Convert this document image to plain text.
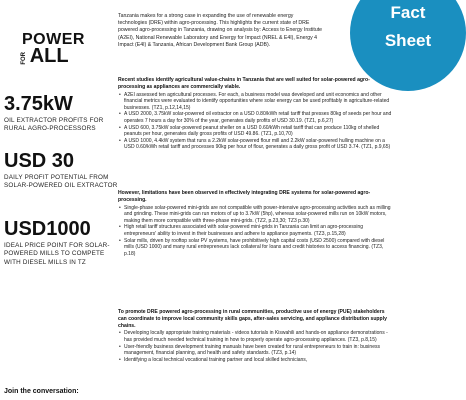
POWER
FOR ALL
3.75kW
OIL EXTRACTOR PROFITS FOR RURAL AGRO-PROCESSORS
USD 30
DAILY PROFIT POTENTIAL FROM SOLAR-POWERED OIL EXTRACTOR
USD1000
IDEAL PRICE POINT FOR SOLAR-POWERED MILLS TO COMPETE WITH DIESEL MILLS IN TZ
Join the conversation:
Tanzania makes for a strong case in expanding the use of renewable energy technologies (DRE) within agro-processing. This highlights the current state of DRE powered agro-processing in Tanzania, drawing on analysis by: Access to Energy Institute (A2EI), National Renewable Laboratory and Energy for Impact (NREL & E4I), Energy 4 Impact (E4I) & Tanzania, African Development Bank Group (ADB).
Fact
Sheet
Recent studies identify agricultural value-chains in Tanzania that are well suited for solar-powered agro-processing as appliances are commercially viable.
• A2EI assessed ten agricultural processes. For each, a business model was developed and unit economics and other financial metrics were evaluated to identify opportunities where solar energy can be used profitably in agriculture-related businesses. (TZ1, p.12,14,15)
• A USD 2000, 3.75kW solar-powered oil extractor on a USD 0.80/kWh retail tariff that presses 80kg of seeds per hour and operates 7 hours a day for 30% of the year, generates daily profits of USD 30.19. (TZ1, p.6,27)
• A USD 600, 3.75kW solar-powered peanut sheller on a USD 0.60/kWh retail tariff that can produce 110kg of shelled peanuts per hour, generates daily gross profits of USD 49.86. (TZ1, p.10,70)
• A USD 1000, 4.4kW system that runs a 2.2kW solar-powered flour mill and 2.2kW solar-powered hulling machine on a USD 0.60/kWh retail tariff and processes 90kg per hour of flour, generates a daily gross profit of USD 3.74. (TZ1, p.9,65)
However, limitations have been observed in effectively integrating DRE systems for solar-powered agro-processing.
• Single-phase solar-powered mini-grids are not compatible with power-intensive agro-processing activities such as milling and grinding. These mini-grids can run motors of up to 3.7kW (5hp), whereas solar-powered mills run on 10kW motors, making them more compatible with three-phase mini-grids. (TZ2, p.23,30; TZ3 p.30)
• High retail tariff structures associated with solar-powered mini-grids in Tanzania can limit an agro-processing entrepreneurs' ability to invest in their businesses and adhere to appliance payments. (TZ3, p.15,28)
• Solar mills, driven by rooftop solar PV systems, have prohibitively high capital costs (USD 2500) compared with diesel mills (USD 1000) and many rural entrepreneurs lack collateral for loans and credit histories to access financing. (TZ3, p.18)
To promote DRE powered agro-processing in rural communities, productive use of energy (PUE) stakeholders can coordinate to improve local community skills gaps, after-sales servicing, and appliance distribution supply chains.
• Developing locally appropriate training materials - videos tutorials in Kiswahili and hands-on appliance demonstrations - has provided much needed technical training in how to properly operate agro-processing appliances. (TZ3, p.8,15)
• User-friendly business development training manuals have been created for rural entrepreneurs to train in: business management, financial planning, and health and safety standards. (TZ3, p.14)
• Identifying a local technical vocational training partner and local skilled technicians,
